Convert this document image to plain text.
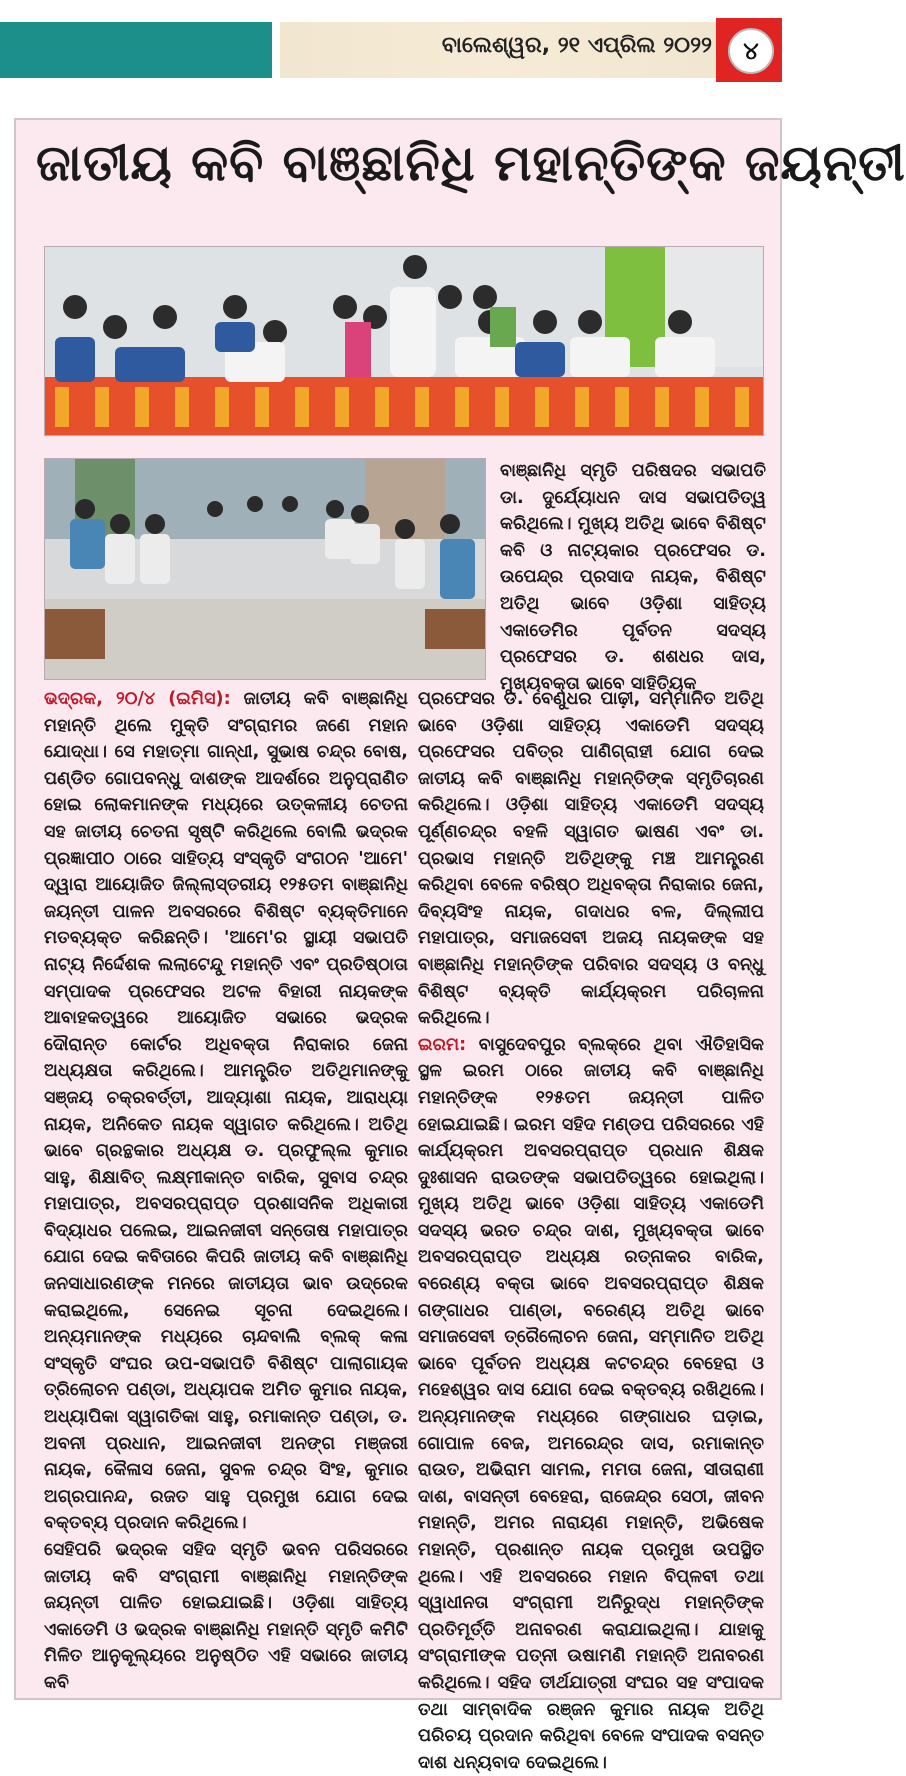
ବାଲେଶ୍ୱର, ୨୧ ଏପ୍ରିଲ ୨୦୨୨	୪
ଜାତୀୟ କବି ବାଞ୍ଛାନିଧି ମହାନ୍ତିଙ୍କ ଜୟନ୍ତୀ

ବାଞ୍ଛାନିଧି ସ୍ମୃତି ପରିଷଦର ସଭାପତି ଡା. ଦୁର୍ଯ୍ୟୋଧନ ଦାସ ସଭାପତିତ୍ୱ କରିଥିଲେ। ମୁଖ୍ୟ ଅତିଥି ଭାବେ ବିଶିଷ୍ଟ କବି ଓ ନାଟ୍ୟକାର ପ୍ରଫେସର ଡ. ଉପେନ୍ଦ୍ର ପ୍ରସାଦ ନାୟକ, ବିଶିଷ୍ଟ ଅତିଥି ଭାବେ ଓଡ଼ିଶା ସାହିତ୍ୟ ଏକାଡେମିର ପୂର୍ବତନ ସଦସ୍ୟ ପ୍ରଫେସର ଡ. ଶଶଧର ଦାସ, ମୁଖ୍ୟବକ୍ତା ଭାବେ ସାହିତ୍ୟିକ

ଭଦ୍ରକ, ୨୦/୪ (ଇମିସ): ଜାତୀୟ କବି ବାଞ୍ଛାନିଧି ମହାନ୍ତି ଥିଲେ ମୁକ୍ତି ସଂଗ୍ରାମର ଜଣେ ମହାନ ଯୋଦ୍ଧା। ସେ ମହାତ୍ମା ଗାନ୍ଧୀ, ସୁଭାଷ ଚନ୍ଦ୍ର ବୋଷ, ପଣ୍ଡିତ ଗୋପବନ୍ଧୁ ଦାଶଙ୍କ ଆଦର୍ଶରେ ଅନୁପ୍ରାଣିତ ହୋଇ ଲୋକମାନଙ୍କ ମଧ୍ୟରେ ଉତ୍କଳୀୟ ଚେତନା ସହ ଜାତୀୟ ଚେତନା ସୃଷ୍ଟି କରିଥିଲେ ବୋଲି ଭଦ୍ରକ ପ୍ରଜ୍ଞାପୀଠ ଠାରେ ସାହିତ୍ୟ ସଂସ୍କୃତି ସଂଗଠନ 'ଆମେ' ଦ୍ୱାରା ଆୟୋଜିତ ଜିଲ୍ଲାସ୍ତରୀୟ ୧୨୫ତମ ବାଞ୍ଛାନିଧି ଜୟନ୍ତୀ ପାଳନ ଅବସରରେ ବିଶିଷ୍ଟ ବ୍ୟକ୍ତିମାନେ ମତବ୍ୟକ୍ତ କରିଛନ୍ତି। 'ଆମେ'ର ସ୍ଥାୟୀ ସଭାପତି ନାଟ୍ୟ ନିର୍ଦ୍ଦେଶକ ଲଲାଟେନ୍ଦୁ ମହାନ୍ତି ଏବଂ ପ୍ରତିଷ୍ଠାତା ସମ୍ପାଦକ ପ୍ରଫେସର ଅଟଳ ବିହାରୀ ନାୟକଙ୍କ ଆବାହକତ୍ୱରେ ଆୟୋଜିତ ସଭାରେ ଭଦ୍ରକ ଦୌରାନ୍ତ କୋର୍ଟର ଅଧିବକ୍ତା ନିରାକାର ଜେନା ଅଧ୍ୟକ୍ଷତା କରିଥିଲେ। ଆମନ୍ତ୍ରିତ ଅତିଥିମାନଙ୍କୁ ସଞ୍ଜୟ ଚକ୍ରବର୍ତ୍ତୀ, ଆଦ୍ୟାଶା ନାୟକ, ଆରାଧ୍ୟା ନାୟକ, ଅନିକେତ ନାୟକ ସ୍ୱାଗତ କରିଥିଲେ। ଅତିଥି ଭାବେ ଗ୍ରନ୍ଥକାର ଅଧ୍ୟକ୍ଷ ଡ. ପ୍ରଫୁଲ୍ଲ କୁମାର ସାହୁ, ଶିକ୍ଷାବିତ୍ ଲକ୍ଷ୍ମୀକାନ୍ତ ବାରିକ, ସୁବାସ ଚନ୍ଦ୍ର ମହାପାତ୍ର, ଅବସରପ୍ରାପ୍ତ ପ୍ରଶାସନିକ ଅଧିକାରୀ ବିଦ୍ୟାଧର ପଲେଇ, ଆଇନଜୀବୀ ସନ୍ତୋଷ ମହାପାତ୍ର ଯୋଗ ଦେଇ କବିତାରେ କିପରି ଜାତୀୟ କବି ବାଞ୍ଛାନିଧି ଜନସାଧାରଣଙ୍କ ମନରେ ଜାତୀୟତା ଭାବ ଉଦ୍ରେକ କରାଇଥିଲେ, ସେନେଇ ସୂଚନା ଦେଇଥିଲେ। ଅନ୍ୟମାନଙ୍କ ମଧ୍ୟରେ ଚାନ୍ଦବାଲି ବ୍ଲକ୍ କଳା ସଂସ୍କୃତି ସଂଘର ଉପ-ସଭାପତି ବିଶିଷ୍ଟ ପାଲାଗାୟକ ତ୍ରିଲୋଚନ ପଣ୍ଡା, ଅଧ୍ୟାପକ ଅମିତ କୁମାର ନାୟକ, ଅଧ୍ୟାପିକା ସ୍ୱାଗତିକା ସାହୁ, ରମାକାନ୍ତ ପଣ୍ଡା, ଡ. ଅବନୀ ପ୍ରଧାନ, ଆଇନଜୀବୀ ଅନଙ୍ଗ ମଞ୍ଜରୀ ନାୟକ, କୈଳାସ ଜେନା, ସୁବଳ ଚନ୍ଦ୍ର ସିଂହ, କୁମାର ଅଗ୍ରପାନନ୍ଦ, ରଜତ ସାହୁ ପ୍ରମୁଖ ଯୋଗ ଦେଇ ବକ୍ତବ୍ୟ ପ୍ରଦାନ କରିଥିଲେ।

ସେହିପରି ଭଦ୍ରକ ସହିଦ ସ୍ମୃତି ଭବନ ପରିସରରେ ଜାତୀୟ କବି ସଂଗ୍ରାମୀ ବାଞ୍ଛାନିଧି ମହାନ୍ତିଙ୍କ ଜୟନ୍ତୀ ପାଳିତ ହୋଇଯାଇଛି। ଓଡ଼ିଶା ସାହିତ୍ୟ ଏକାଡେମି ଓ ଭଦ୍ରକ ବାଞ୍ଛାନିଧି ମହାନ୍ତି ସ୍ମୃତି କମିଟି ମିଳିତ ଆନୁକୂଲ୍ୟରେ ଅନୁଷ୍ଠିତ ଏହି ସଭାରେ ଜାତୀୟ କବି

ପ୍ରଫେସର ଡ. ବେଣୁଧର ପାଢ଼ୀ, ସମ୍ମାନିତ ଅତିଥି ଭାବେ ଓଡ଼ିଶା ସାହିତ୍ୟ ଏକାଡେମି ସଦସ୍ୟ ପ୍ରଫେସର ପବିତ୍ର ପାଣିଗ୍ରାହୀ ଯୋଗ ଦେଇ ଜାତୀୟ କବି ବାଞ୍ଛାନିଧି ମହାନ୍ତିଙ୍କ ସ୍ମୃତିଚାରଣ କରିଥିଲେ। ଓଡ଼ିଶା ସାହିତ୍ୟ ଏକାଡେମି ସଦସ୍ୟ ପୂର୍ଣ୍ଣଚନ୍ଦ୍ର ବହଳି ସ୍ୱାଗତ ଭାଷଣ ଏବଂ ଡା. ପ୍ରଭାସ ମହାନ୍ତି ଅତିଥିଙ୍କୁ ମଞ୍ଚ ଆମନ୍ତ୍ରଣ କରିଥିବା ବେଳେ ବରିଷ୍ଠ ଅଧିବକ୍ତା ନିରାକାର ଜେନା, ଦିବ୍ୟସିଂହ ନାୟକ, ଗଦାଧର ବଳ, ଦିଲ୍ଲୀପ ମହାପାତ୍ର, ସମାଜସେବୀ ଅଜୟ ନାୟକଙ୍କ ସହ ବାଞ୍ଛାନିଧି ମହାନ୍ତିଙ୍କ ପରିବାର ସଦସ୍ୟ ଓ ବନ୍ଧୁ ବିଶିଷ୍ଟ ବ୍ୟକ୍ତି କାର୍ଯ୍ୟକ୍ରମ ପରିଚାଳନା କରିଥିଲେ।

ଇରମ: ବାସୁଦେବପୁର ବ୍ଲକ୍‌ରେ ଥିବା ଐତିହାସିକ ସ୍ଥଳ ଇରମ ଠାରେ ଜାତୀୟ କବି ବାଞ୍ଛାନିଧି ମହାନ୍ତିଙ୍କ ୧୨୫ତମ ଜୟନ୍ତୀ ପାଳିତ ହୋଇଯାଇଛି। ଇରମ ସହିଦ ମଣ୍ଡପ ପରିସରରେ ଏହି କାର୍ଯ୍ୟକ୍ରମ ଅବସରପ୍ରାପ୍ତ ପ୍ରଧାନ ଶିକ୍ଷକ ଦୁଃଶାସନ ରାଉତଙ୍କ ସଭାପତିତ୍ୱରେ ହୋଇଥିଲା। ମୁଖ୍ୟ ଅତିଥି ଭାବେ ଓଡ଼ିଶା ସାହିତ୍ୟ ଏକାଡେମି ସଦସ୍ୟ ଭରତ ଚନ୍ଦ୍ର ଦାଶ, ମୁଖ୍ୟବକ୍ତା ଭାବେ ଅବସରପ୍ରାପ୍ତ ଅଧ୍ୟକ୍ଷ ରତ୍ନାକର ବାରିକ, ବରେଣ୍ୟ ବକ୍ତା ଭାବେ ଅବସରପ୍ରାପ୍ତ ଶିକ୍ଷକ ଗଙ୍ଗାଧର ପାଣ୍ଡା, ବରେଣ୍ୟ ଅତିଥି ଭାବେ ସମାଜସେବୀ ତ୍ରୈଲୋଚନ ଜେନା, ସମ୍ମାନିତ ଅତିଥି ଭାବେ ପୂର୍ବତନ ଅଧ୍ୟକ୍ଷ କଟଚନ୍ଦ୍ର ବେହେରା ଓ ମହେଶ୍ୱର ଦାସ ଯୋଗ ଦେଇ ବକ୍ତବ୍ୟ ରଖିଥିଲେ। ଅନ୍ୟମାନଙ୍କ ମଧ୍ୟରେ ଗଙ୍ଗାଧର ଘଡ଼ାଇ, ଗୋପାଳ ବେଜ, ଅମରେନ୍ଦ୍ର ଦାସ, ରମାକାନ୍ତ ରାଉତ, ଅଭିରାମ ସାମଲ, ମମତା ଜେନା, ସୀତାରାଣୀ ଦାଶ, ବାସନ୍ତୀ ବେହେରା, ରାଜେନ୍ଦ୍ର ସେଠୀ, ଜୀବନ ମହାନ୍ତି, ଅମର ନାରାୟଣ ମହାନ୍ତି, ଅଭିଷେକ ମହାନ୍ତି, ପ୍ରଶାନ୍ତ ନାୟକ ପ୍ରମୁଖ ଉପସ୍ଥିତ ଥିଲେ। ଏହି ଅବସରରେ ମହାନ ବିପ୍ଳବୀ ତଥା ସ୍ୱାଧୀନତା ସଂଗ୍ରାମୀ ଅନିରୁଦ୍ଧ ମହାନ୍ତିଙ୍କ ପ୍ରତିମୂର୍ତ୍ତି ଅନାବରଣ କରାଯାଇଥିଲା। ଯାହାକୁ ସଂଗ୍ରାମୀଙ୍କ ପତ୍ନୀ ଉଷାମଣି ମହାନ୍ତି ଅନାବରଣ କରିଥିଲେ। ସହିଦ ତୀର୍ଥଯାତ୍ରୀ ସଂଘର ସହ ସଂପାଦକ ତଥା ସାମ୍ବାଦିକ ରଞ୍ଜନ କୁମାର ନାୟକ ଅତିଥି ପରିଚୟ ପ୍ରଦାନ କରିଥିବା ବେଳେ ସଂପାଦକ ବସନ୍ତ ଦାଶ ଧନ୍ୟବାଦ ଦେଇଥିଲେ।
